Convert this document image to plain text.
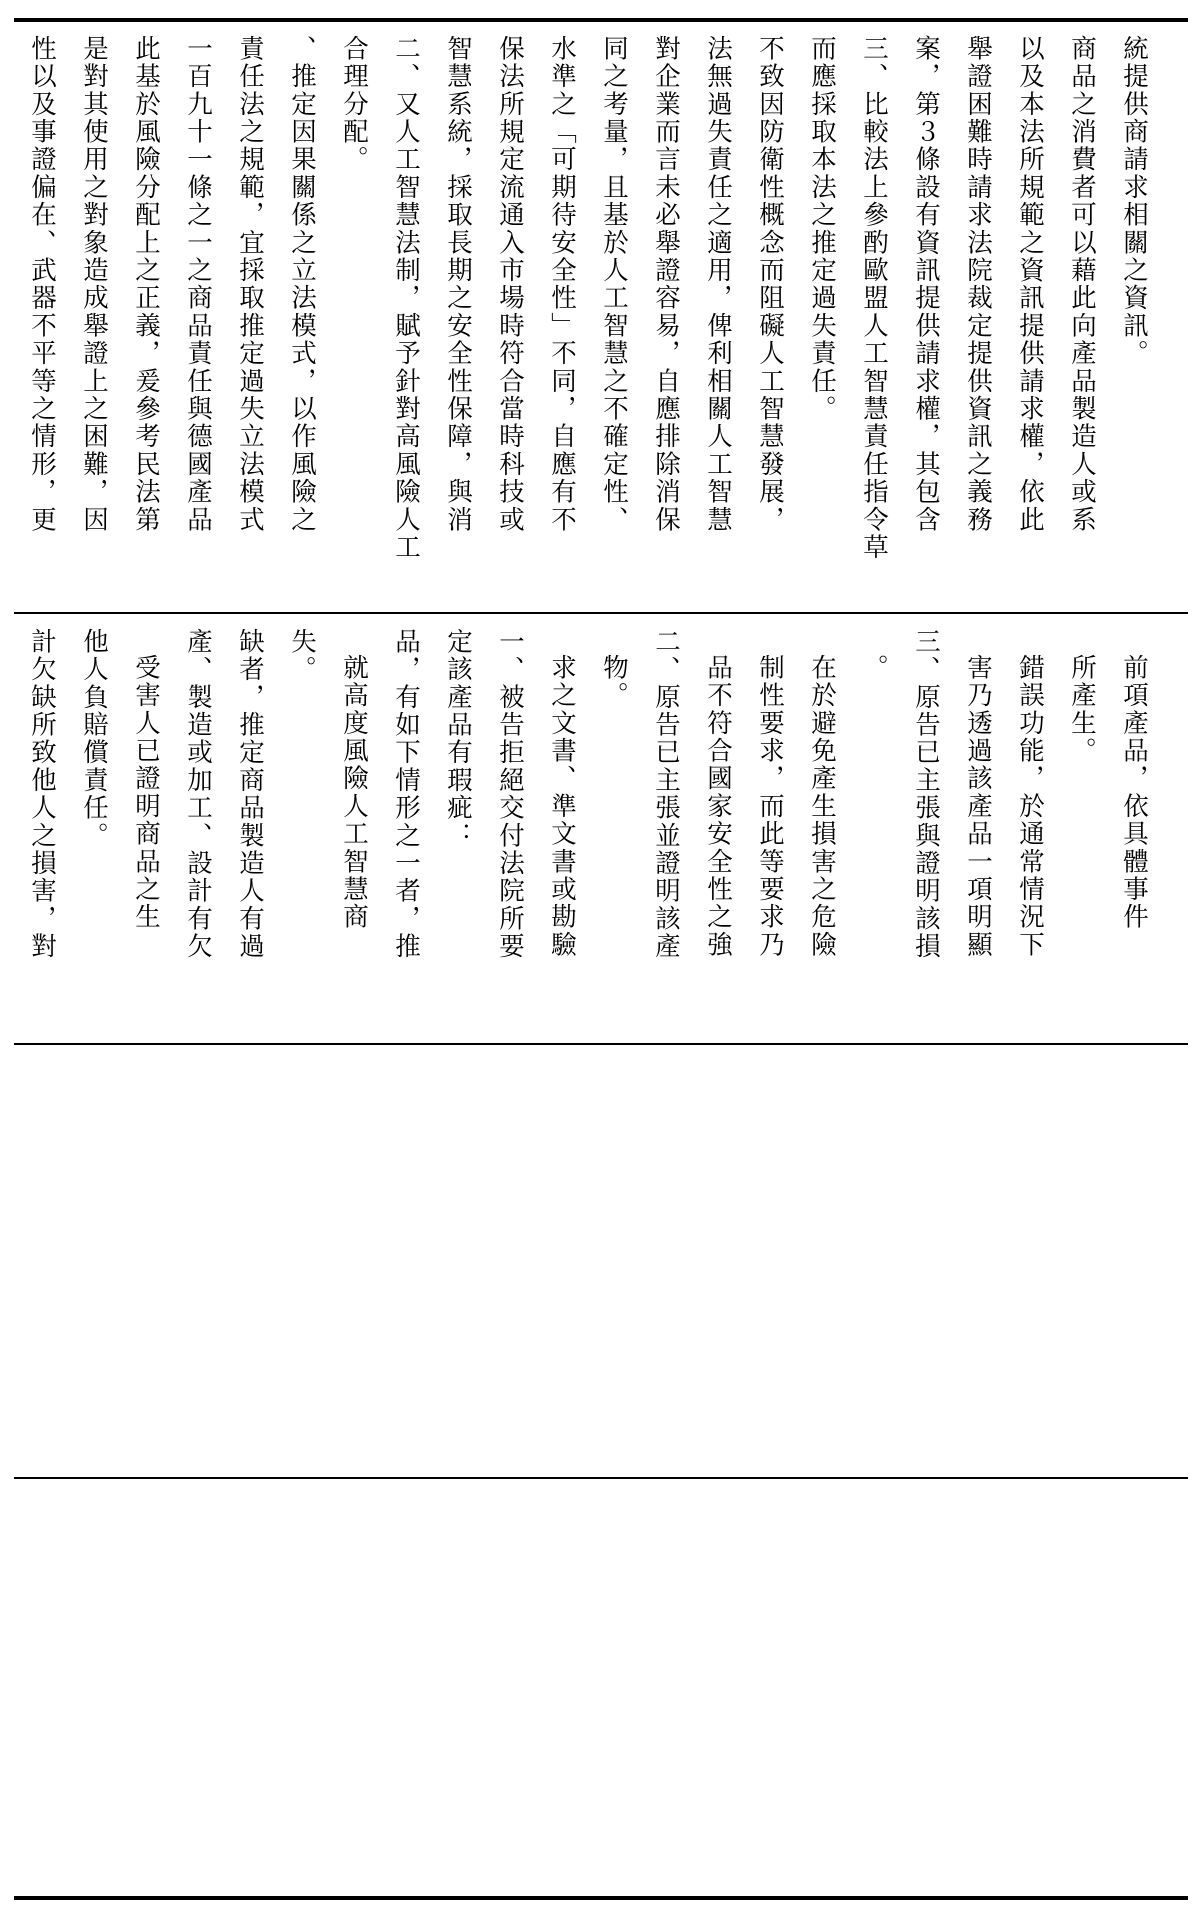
性以及事證偏在、武器不平等之情形，更 是對其使用之對象造成舉證上之困難，因 此基於風險分配上之正義，爰參考民法第 一百九十一條之一之商品責任與德國產品 責任法之規範，宜採取推定過失立法模式 、推定因果關係之立法模式，以作風險之 合理分配。 二、又人工智慧法制，賦予針對高風險人工 智慧系統，採取長期之安全性保障，與消 保法所規定流通入市場時符合當時科技或 水準之「可期待安全性」不同，自應有不 同之考量，且基於人工智慧之不確定性、 對企業而言未必舉證容易，自應排除消保 法無過失責任之適用，俾利相關人工智慧 不致因防衛性概念而阻礙人工智慧發展， 而應採取本法之推定過失責任。 三、比較法上參酌歐盟人工智慧責任指令草 案，第３條設有資訊提供請求權，其包含 舉證困難時請求法院裁定提供資訊之義務 以及本法所規範之資訊提供請求權，依此 商品之消費者可以藉此向產品製造人或系 統提供商請求相關之資訊。
計欠缺所致他人之損害，對 他人負賠償責任。 受害人已證明商品之生 產、製造或加工、設計有欠 缺者，推定商品製造人有過 失。 就高度風險人工智慧商 品，有如下情形之一者，推 定該產品有瑕疵： 一、被告拒絕交付法院所要 求之文書、準文書或勘驗 物。 二、原告已主張並證明該產 品不符合國家安全性之強 制性要求，而此等要求乃 在於避免產生損害之危險 。 三、原告已主張與證明該損 害乃透過該產品一項明顯 錯誤功能，於通常情況下 所產生。 前項產品，依具體事件
